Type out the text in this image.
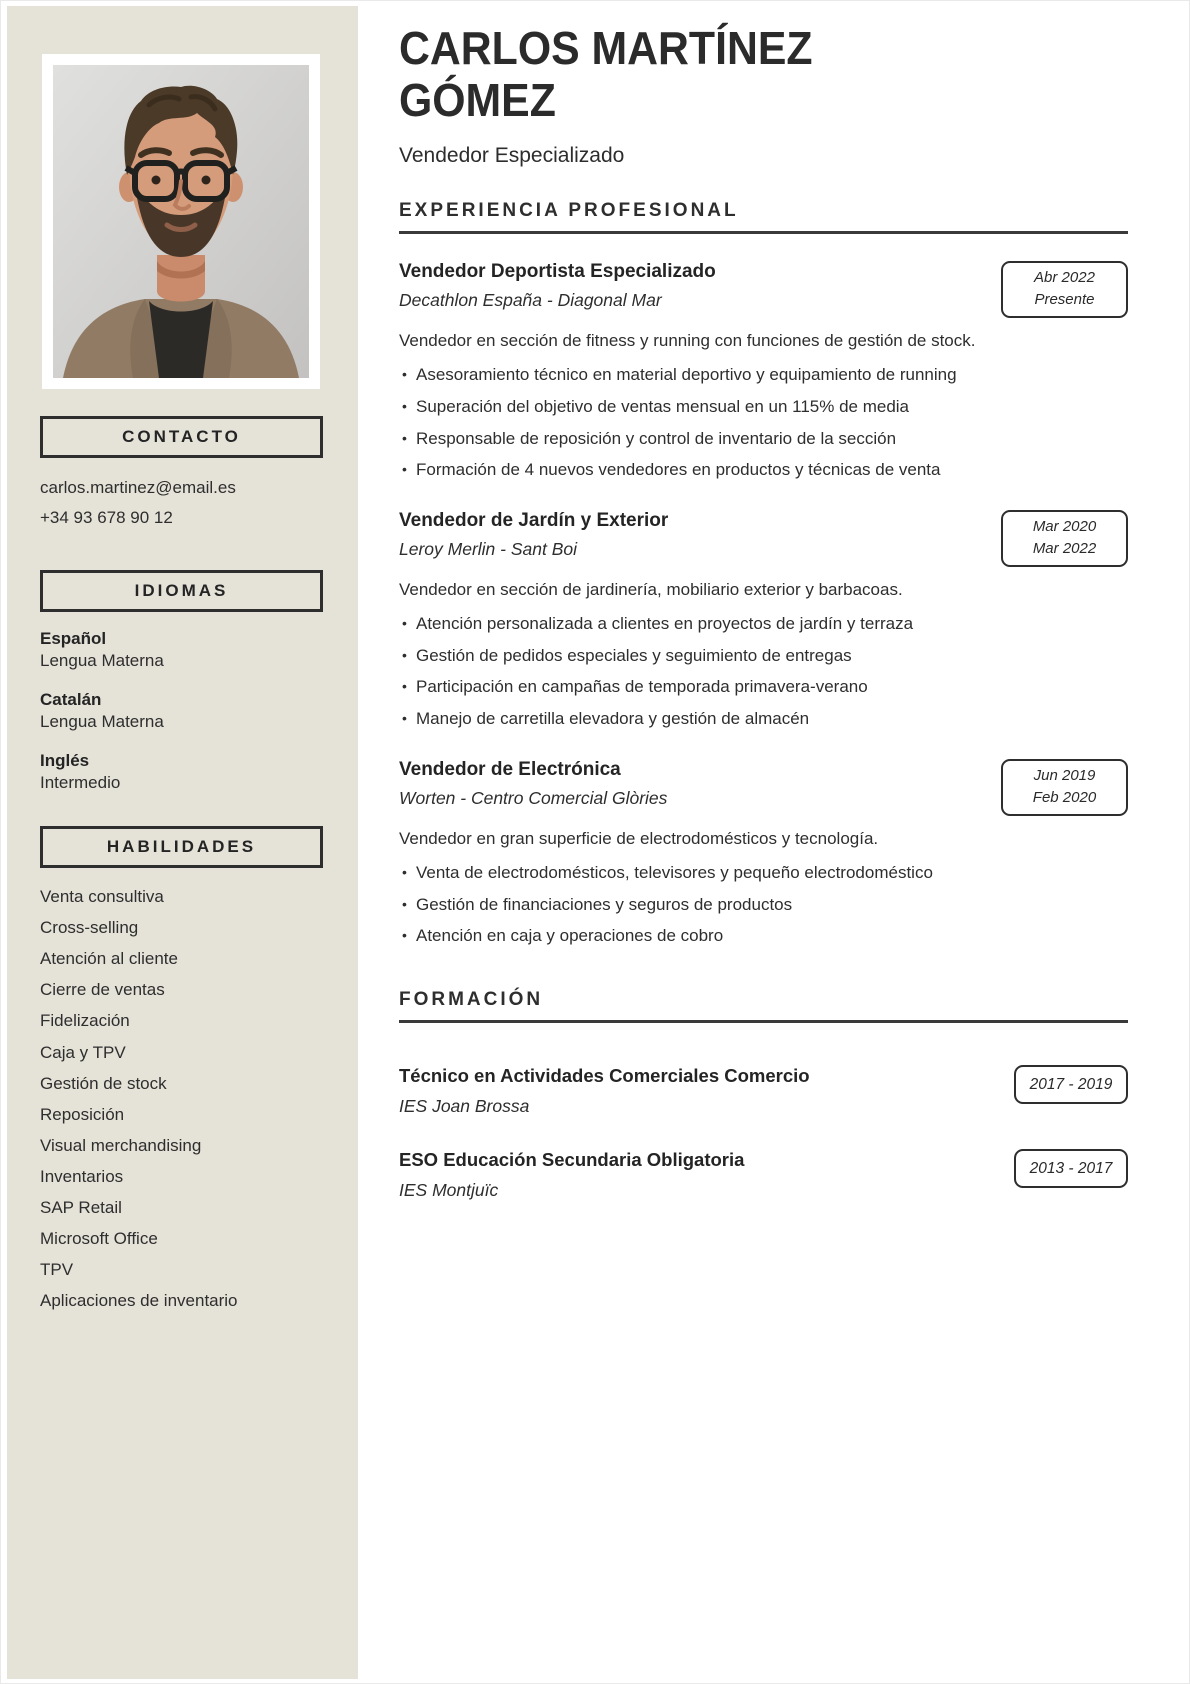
CONTACTO
carlos.martinez@email.es
+34 93 678 90 12
IDIOMAS
Español
Lengua Materna
Catalán
Lengua Materna
Inglés
Intermedio
HABILIDADES
Venta consultiva
Cross-selling
Atención al cliente
Cierre de ventas
Fidelización
Caja y TPV
Gestión de stock
Reposición
Visual merchandising
Inventarios
SAP Retail
Microsoft Office
TPV
Aplicaciones de inventario
CARLOS MARTÍNEZ GÓMEZ
Vendedor Especializado
EXPERIENCIA PROFESIONAL
Vendedor Deportista Especializado
Decathlon España - Diagonal Mar
Abr 2022
Presente

Vendedor en sección de fitness y running con funciones de gestión de stock.

• Asesoramiento técnico en material deportivo y equipamiento de running
• Superación del objetivo de ventas mensual en un 115% de media
• Responsable de reposición y control de inventario de la sección
• Formación de 4 nuevos vendedores en productos y técnicas de venta
Vendedor de Jardín y Exterior
Leroy Merlin - Sant Boi
Mar 2020
Mar 2022

Vendedor en sección de jardinería, mobiliario exterior y barbacoas.

• Atención personalizada a clientes en proyectos de jardín y terraza
• Gestión de pedidos especiales y seguimiento de entregas
• Participación en campañas de temporada primavera-verano
• Manejo de carretilla elevadora y gestión de almacén
Vendedor de Electrónica
Worten - Centro Comercial Glòries
Jun 2019
Feb 2020

Vendedor en gran superficie de electrodomésticos y tecnología.

• Venta de electrodomésticos, televisores y pequeño electrodoméstico
• Gestión de financiaciones y seguros de productos
• Atención en caja y operaciones de cobro
FORMACIÓN
Técnico en Actividades Comerciales Comercio
IES Joan Brossa
2017 - 2019
ESO Educación Secundaria Obligatoria
IES Montjuïc
2013 - 2017
